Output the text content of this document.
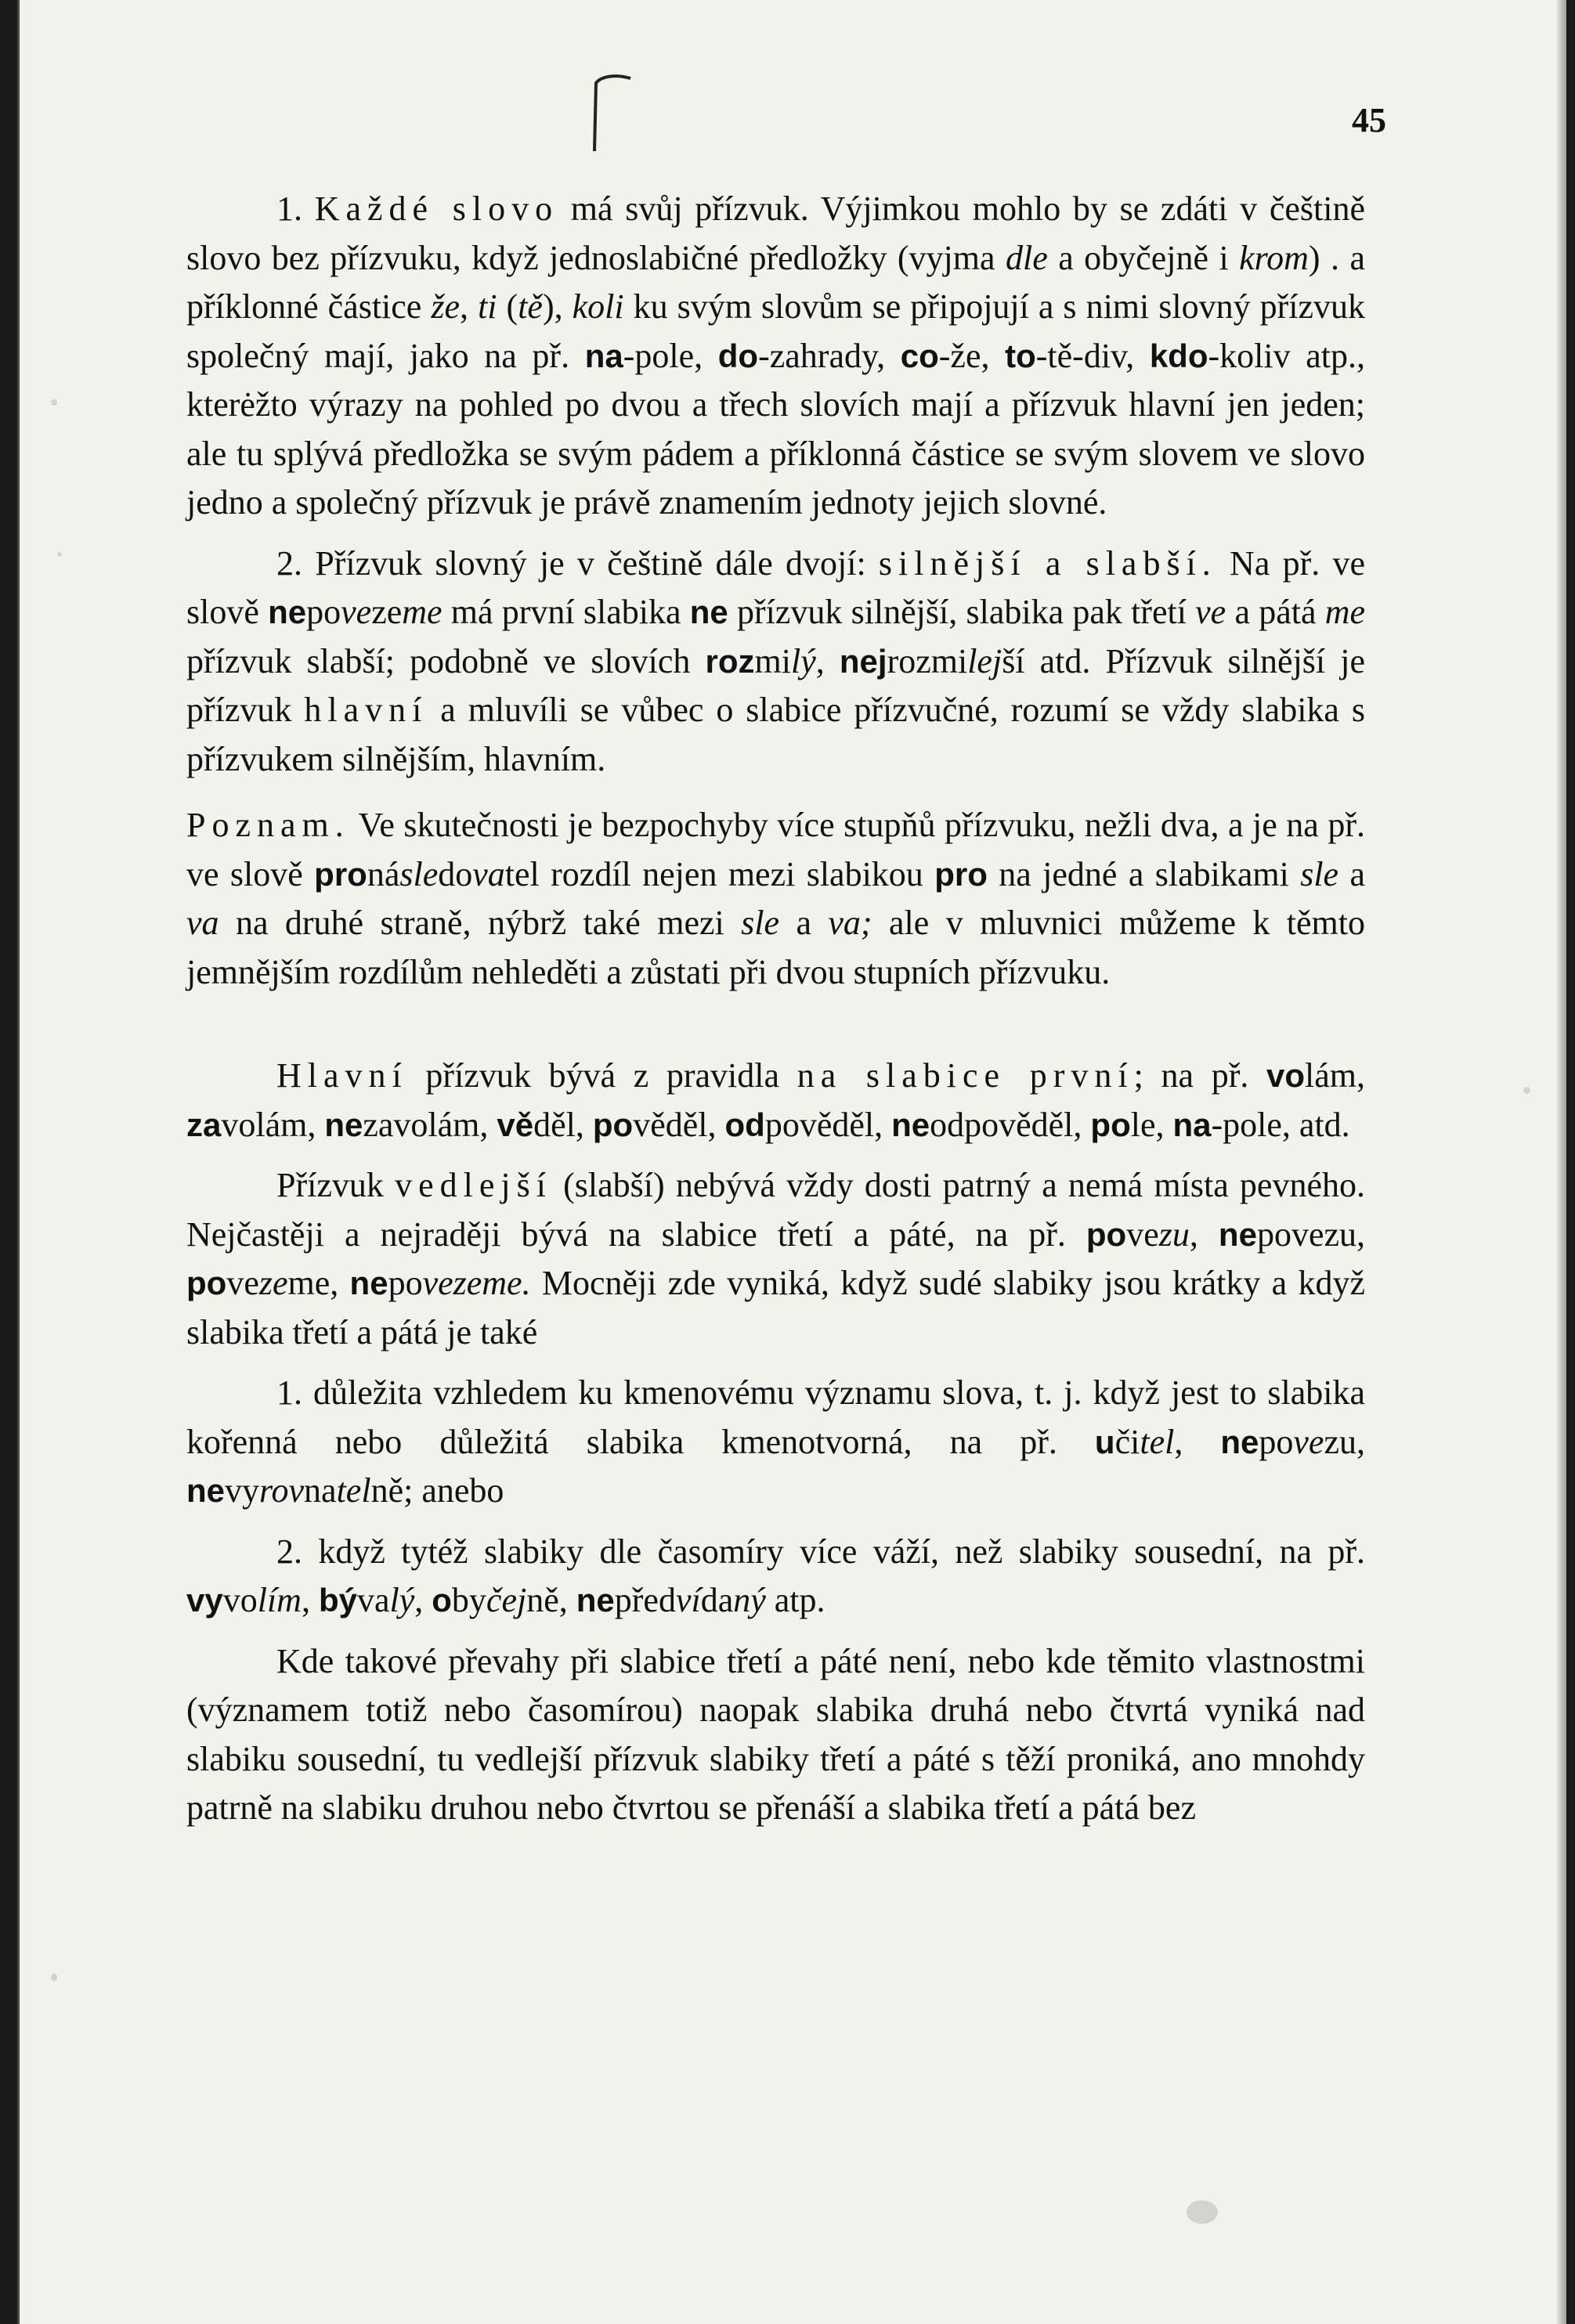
45

1. Každé slovo má svůj přízvuk. Výjimkou mohlo by se zdáti v češtině slovo bez přízvuku, když jednoslabičné předložky (vyjma dle a obyčejně i krom) . a příklonné částice že, ti (tě), koli ku svým slovům se připojují a s nimi slovný přízvuk společný mají, jako na př. na-pole, do-zahrady, co-že, to-tě-div, kdo-koliv atp., kterėžto výrazy na pohled po dvou a třech slovích mají a přízvuk hlavní jen jeden; ale tu splývá předložka se svým pádem a příklonná částice se svým slovem ve slovo jedno a společný přízvuk je právě znamením jednoty jejich slovné.

2. Přízvuk slovný je v češtině dále dvojí: silnější a slabší. Na př. ve slově nepovezeme má první slabika ne přízvuk silnější, slabika pak třetí ve a pátá me přízvuk slabší; podobně ve slovích rozmilý, nejrozmilejší atd. Přízvuk silnější je přízvuk hlavní a mluvíli se vůbec o slabice přízvučné, rozumí se vždy slabika s přízvukem silnějším, hlavním.

Poznam. Ve skutečnosti je bezpochyby více stupňů přízvuku, nežli dva, a je na př. ve slově pronásledovatel rozdíl nejen mezi slabikou pro na jedné a slabikami sle a va na druhé straně, nýbrž také mezi sle a va; ale v mluvnici můžeme k těmto jemnějším rozdílům nehleděti a zůstati při dvou stupních přízvuku.

Hlavní přízvuk bývá z pravidla na slabice první; na př. volám, zavolám, nezavolám, věděl, pověděl, odpověděl, neodpověděl, pole, na-pole, atd.

Přízvuk vedlejší (slabší) nebývá vždy dosti patrný a nemá místa pevného. Nejčastěji a nejraději bývá na slabice třetí a páté, na př. povezu, nepovezu, povezeme, nepovezeme. Mocněji zde vyniká, když sudé slabiky jsou krátky a když slabika třetí a pátá je také

1. důležita vzhledem ku kmenovému významu slova, t. j. když jest to slabika kořenná nebo důležitá slabika kmenotvorná, na př. učitel, nepovezu, nevyrovnatelně; anebo

2. když tytéž slabiky dle časomíry více váží, než slabiky sousední, na př. vyvolím, bývalý, obyčejně, nepředvídaný atp.

Kde takové převahy při slabice třetí a páté není, nebo kde těmito vlastnostmi (významem totiž nebo časomírou) naopak slabika druhá nebo čtvrtá vyniká nad slabiku sousední, tu vedlejší přízvuk slabiky třetí a páté s těží proniká, ano mnohdy patrně na slabiku druhou nebo čtvrtou se přenáší a slabika třetí a pátá bez
